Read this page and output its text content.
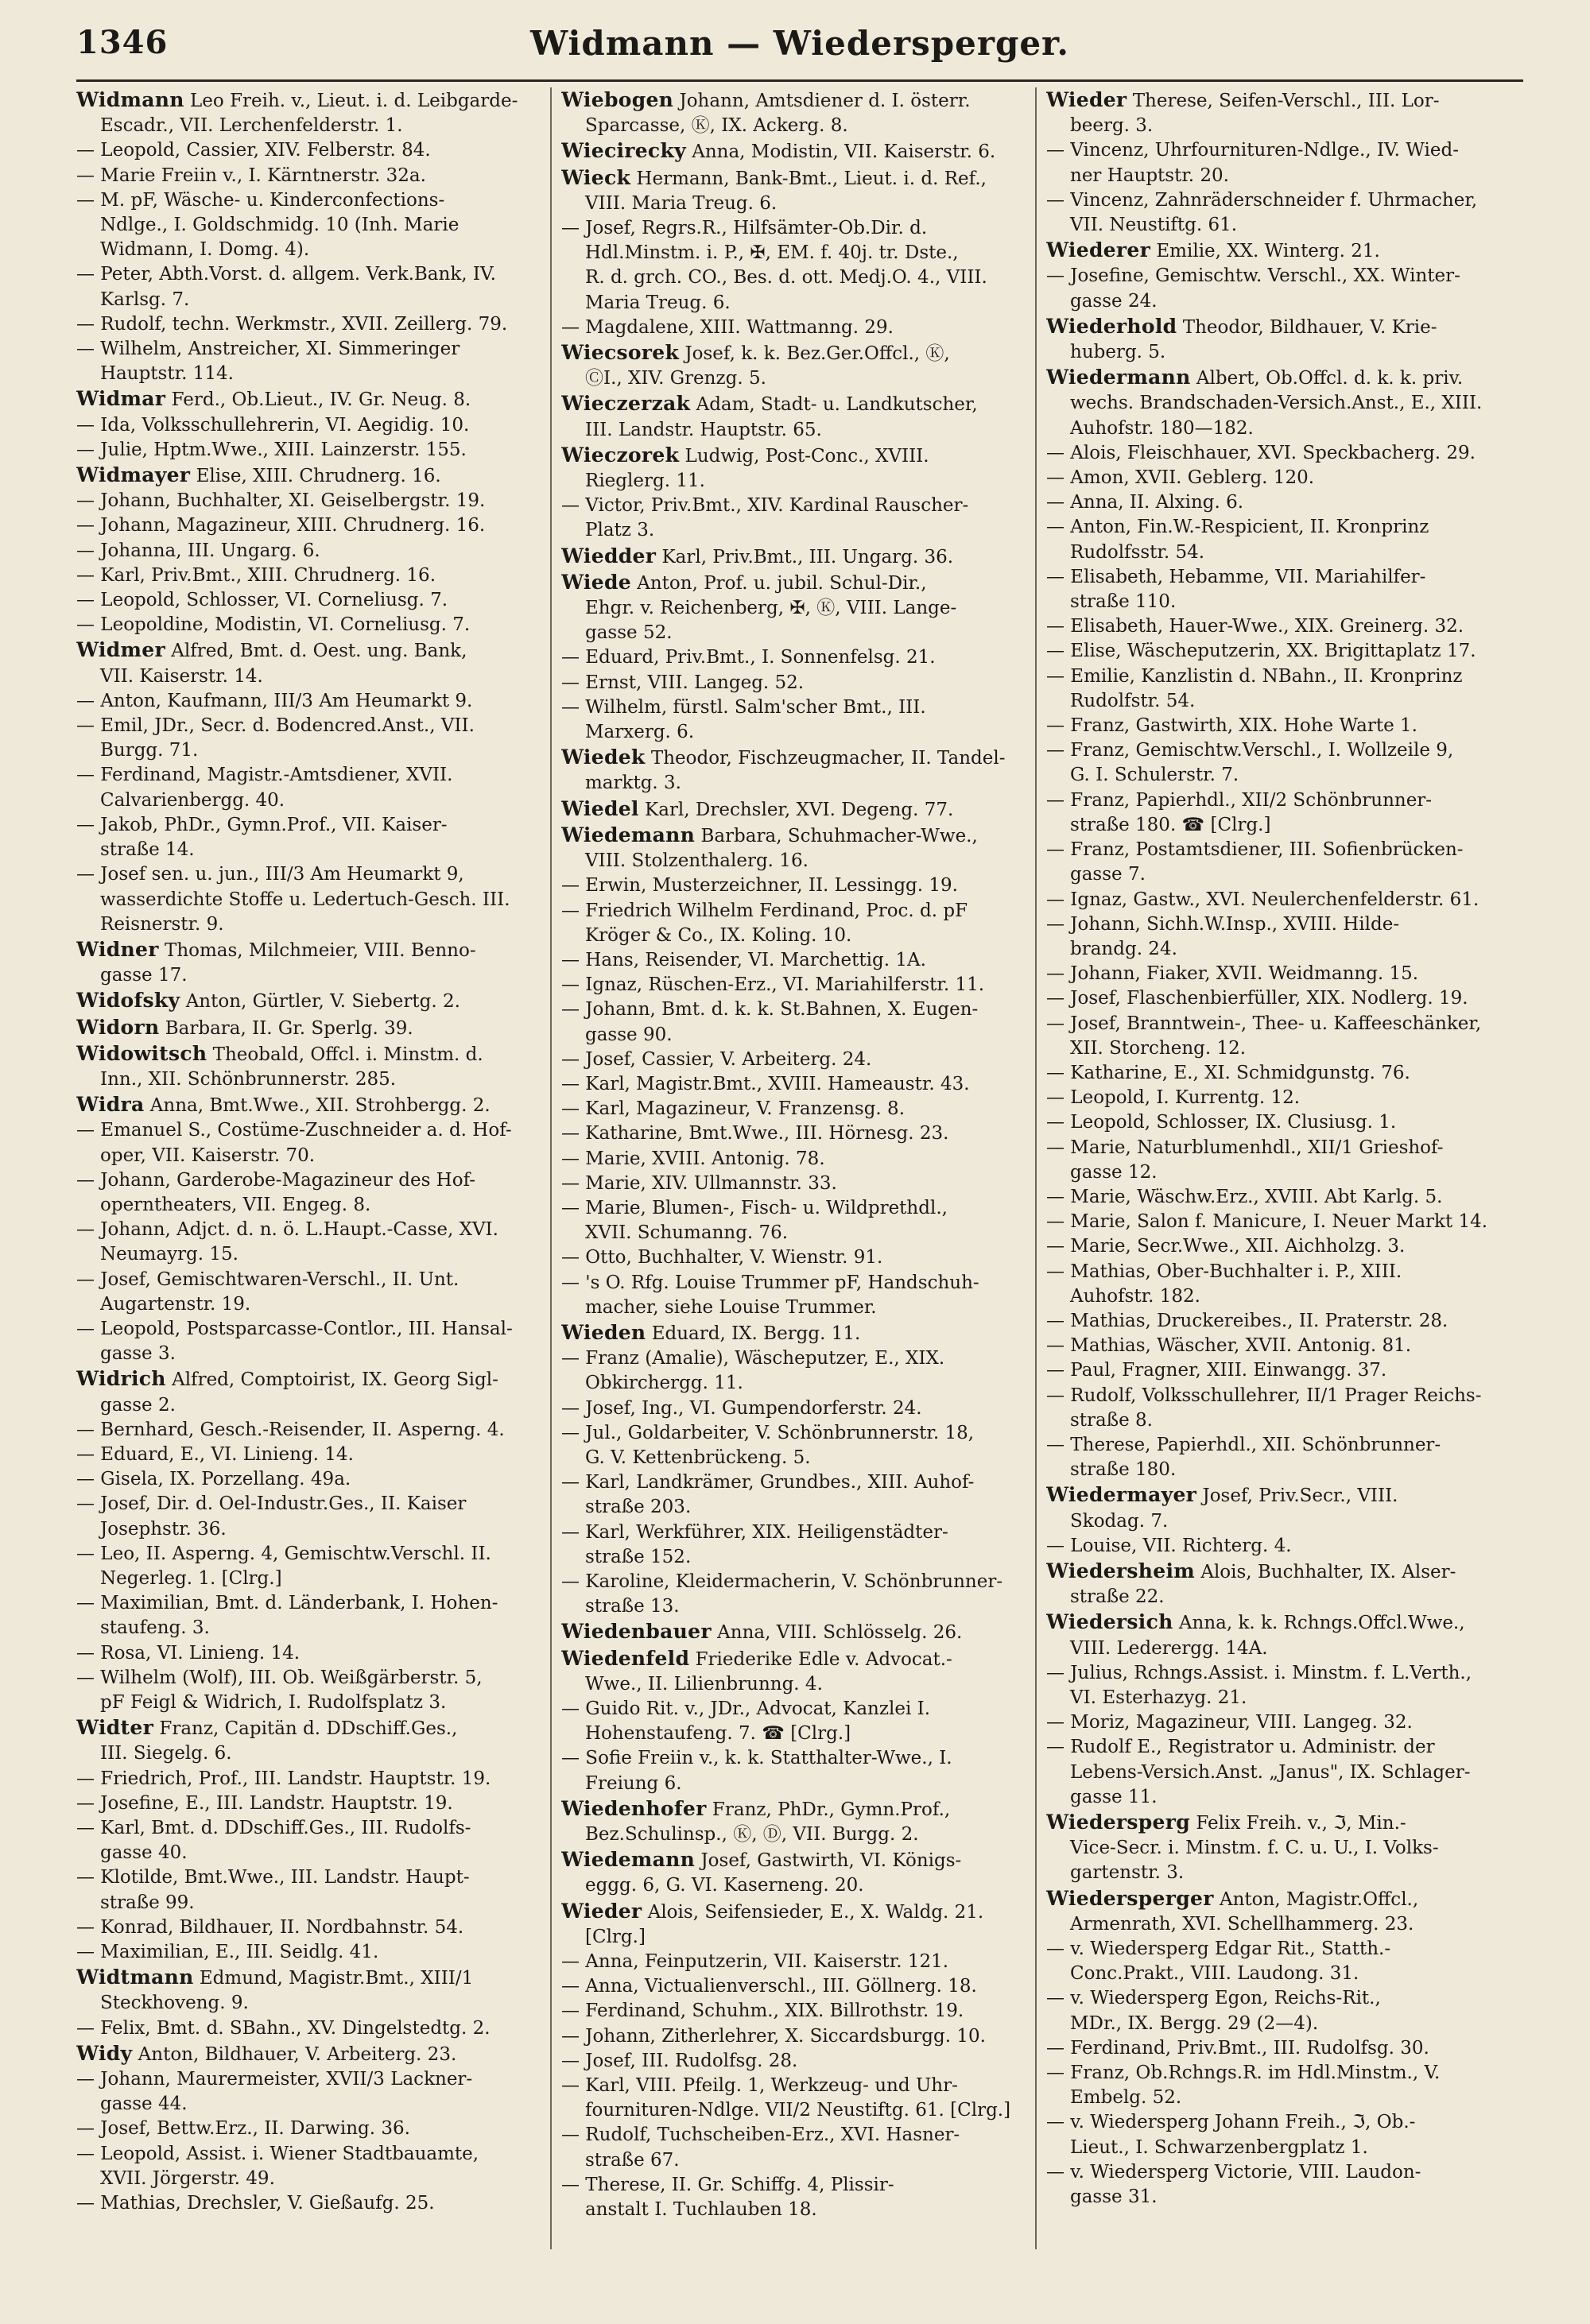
1346	Widmann — Wiedersperger.

Widmann Leo Freih. v., Lieut. i. d. Leibgarde-

Escadr., VII. Lerchenfelderstr. 1.

— Leopold, Cassier, XIV. Felberstr. 84.

— Marie Freiin v., I. Kärntnerstr. 32a.

— M. pF, Wäsche- u. Kinderconfections-

Ndlge., I. Goldschmidg. 10 (Inh. Marie

Widmann, I. Domg. 4).

— Peter, Abth.Vorst. d. allgem. Verk.Bank, IV.

Karlsg. 7.

— Rudolf, techn. Werkmstr., XVII. Zeillerg. 79.

— Wilhelm, Anstreicher, XI. Simmeringer

Hauptstr. 114.

Widmar Ferd., Ob.Lieut., IV. Gr. Neug. 8.

— Ida, Volksschullehrerin, VI. Aegidig. 10.

— Julie, Hptm.Wwe., XIII. Lainzerstr. 155.

Widmayer Elise, XIII. Chrudnerg. 16.

— Johann, Buchhalter, XI. Geiselbergstr. 19.

— Johann, Magazineur, XIII. Chrudnerg. 16.

— Johanna, III. Ungarg. 6.

— Karl, Priv.Bmt., XIII. Chrudnerg. 16.

— Leopold, Schlosser, VI. Corneliusg. 7.

— Leopoldine, Modistin, VI. Corneliusg. 7.

Widmer Alfred, Bmt. d. Oest. ung. Bank,

VII. Kaiserstr. 14.

— Anton, Kaufmann, III/3 Am Heumarkt 9.

— Emil, JDr., Secr. d. Bodencred.Anst., VII.

Burgg. 71.

— Ferdinand, Magistr.-Amtsdiener, XVII.

Calvarienbergg. 40.

— Jakob, PhDr., Gymn.Prof., VII. Kaiser-

straße 14.

— Josef sen. u. jun., III/3 Am Heumarkt 9,

wasserdichte Stoffe u. Ledertuch-Gesch. III.

Reisnerstr. 9.

Widner Thomas, Milchmeier, VIII. Benno-

gasse 17.

Widofsky Anton, Gürtler, V. Siebertg. 2.

Widorn Barbara, II. Gr. Sperlg. 39.

Widowitsch Theobald, Offcl. i. Minstm. d.

Inn., XII. Schönbrunnerstr. 285.

Widra Anna, Bmt.Wwe., XII. Strohbergg. 2.

— Emanuel S., Costüme-Zuschneider a. d. Hof-

oper, VII. Kaiserstr. 70.

— Johann, Garderobe-Magazineur des Hof-

operntheaters, VII. Engeg. 8.

— Johann, Adjct. d. n. ö. L.Haupt.-Casse, XVI.

Neumayrg. 15.

— Josef, Gemischtwaren-Verschl., II. Unt.

Augartenstr. 19.

— Leopold, Postsparcasse-Contlor., III. Hansal-

gasse 3.

Widrich Alfred, Comptoirist, IX. Georg Sigl-

gasse 2.

— Bernhard, Gesch.-Reisender, II. Asperng. 4.

— Eduard, E., VI. Linieng. 14.

— Gisela, IX. Porzellang. 49a.

— Josef, Dir. d. Oel-Industr.Ges., II. Kaiser

Josephstr. 36.

— Leo, II. Asperng. 4, Gemischtw.Verschl. II.

Negerleg. 1. [Clrg.]

— Maximilian, Bmt. d. Länderbank, I. Hohen-

staufeng. 3.

— Rosa, VI. Linieng. 14.

— Wilhelm (Wolf), III. Ob. Weißgärberstr. 5,

pF Feigl & Widrich, I. Rudolfsplatz 3.

Widter Franz, Capitän d. DDschiff.Ges.,

III. Siegelg. 6.

— Friedrich, Prof., III. Landstr. Hauptstr. 19.

— Josefine, E., III. Landstr. Hauptstr. 19.

— Karl, Bmt. d. DDschiff.Ges., III. Rudolfs-

gasse 40.

— Klotilde, Bmt.Wwe., III. Landstr. Haupt-

straße 99.

— Konrad, Bildhauer, II. Nordbahnstr. 54.

— Maximilian, E., III. Seidlg. 41.

Widtmann Edmund, Magistr.Bmt., XIII/1

Steckhoveng. 9.

— Felix, Bmt. d. SBahn., XV. Dingelstedtg. 2.

Widy Anton, Bildhauer, V. Arbeiterg. 23.

— Johann, Maurermeister, XVII/3 Lackner-

gasse 44.

— Josef, Bettw.Erz., II. Darwing. 36.

— Leopold, Assist. i. Wiener Stadtbauamte,

XVII. Jörgerstr. 49.

— Mathias, Drechsler, V. Gießaufg. 25.

Wiebogen Johann, Amtsdiener d. I. österr.

Sparcasse, Ⓚ, IX. Ackerg. 8.

Wiecirecky Anna, Modistin, VII. Kaiserstr. 6.

Wieck Hermann, Bank-Bmt., Lieut. i. d. Ref.,

VIII. Maria Treug. 6.

— Josef, Regrs.R., Hilfsämter-Ob.Dir. d.

Hdl.Minstm. i. P., ✠, EM. f. 40j. tr. Dste.,

R. d. grch. CO., Bes. d. ott. Medj.O. 4., VIII.

Maria Treug. 6.

— Magdalene, XIII. Wattmanng. 29.

Wiecsorek Josef, k. k. Bez.Ger.Offcl., Ⓚ,

ⒸI., XIV. Grenzg. 5.

Wieczerzak Adam, Stadt- u. Landkutscher,

III. Landstr. Hauptstr. 65.

Wieczorek Ludwig, Post-Conc., XVIII.

Rieglerg. 11.

— Victor, Priv.Bmt., XIV. Kardinal Rauscher-

Platz 3.

Wiedder Karl, Priv.Bmt., III. Ungarg. 36.

Wiede Anton, Prof. u. jubil. Schul-Dir.,

Ehgr. v. Reichenberg, ✠, Ⓚ, VIII. Lange-

gasse 52.

— Eduard, Priv.Bmt., I. Sonnenfelsg. 21.

— Ernst, VIII. Langeg. 52.

— Wilhelm, fürstl. Salm'scher Bmt., III.

Marxerg. 6.

Wiedek Theodor, Fischzeugmacher, II. Tandel-

marktg. 3.

Wiedel Karl, Drechsler, XVI. Degeng. 77.

Wiedemann Barbara, Schuhmacher-Wwe.,

VIII. Stolzenthalerg. 16.

— Erwin, Musterzeichner, II. Lessingg. 19.

— Friedrich Wilhelm Ferdinand, Proc. d. pF

Kröger & Co., IX. Koling. 10.

— Hans, Reisender, VI. Marchettig. 1A.

— Ignaz, Rüschen-Erz., VI. Mariahilferstr. 11.

— Johann, Bmt. d. k. k. St.Bahnen, X. Eugen-

gasse 90.

— Josef, Cassier, V. Arbeiterg. 24.

— Karl, Magistr.Bmt., XVIII. Hameaustr. 43.

— Karl, Magazineur, V. Franzensg. 8.

— Katharine, Bmt.Wwe., III. Hörnesg. 23.

— Marie, XVIII. Antonig. 78.

— Marie, XIV. Ullmannstr. 33.

— Marie, Blumen-, Fisch- u. Wildprethdl.,

XVII. Schumanng. 76.

— Otto, Buchhalter, V. Wienstr. 91.

— 's O. Rfg. Louise Trummer pF, Handschuh-

macher, siehe Louise Trummer.

Wieden Eduard, IX. Bergg. 11.

— Franz (Amalie), Wäscheputzer, E., XIX.

Obkirchergg. 11.

— Josef, Ing., VI. Gumpendorferstr. 24.

— Jul., Goldarbeiter, V. Schönbrunnerstr. 18,

G. V. Kettenbrückeng. 5.

— Karl, Landkrämer, Grundbes., XIII. Auhof-

straße 203.

— Karl, Werkführer, XIX. Heiligenstädter-

straße 152.

— Karoline, Kleidermacherin, V. Schönbrunner-

straße 13.

Wiedenbauer Anna, VIII. Schlösselg. 26.

Wiedenfeld Friederike Edle v. Advocat.-

Wwe., II. Lilienbrunng. 4.

— Guido Rit. v., JDr., Advocat, Kanzlei I.

Hohenstaufeng. 7. ☎ [Clrg.]

— Sofie Freiin v., k. k. Statthalter-Wwe., I.

Freiung 6.

Wiedenhofer Franz, PhDr., Gymn.Prof.,

Bez.Schulinsp., Ⓚ, Ⓓ, VII. Burgg. 2.

Wiedemann Josef, Gastwirth, VI. Königs-

eggg. 6, G. VI. Kaserneng. 20.

Wieder Alois, Seifensieder, E., X. Waldg. 21.

[Clrg.]

— Anna, Feinputzerin, VII. Kaiserstr. 121.

— Anna, Victualienverschl., III. Göllnerg. 18.

— Ferdinand, Schuhm., XIX. Billrothstr. 19.

— Johann, Zitherlehrer, X. Siccardsburgg. 10.

— Josef, III. Rudolfsg. 28.

— Karl, VIII. Pfeilg. 1, Werkzeug- und Uhr-

fournituren-Ndlge. VII/2 Neustiftg. 61. [Clrg.]

— Rudolf, Tuchscheiben-Erz., XVI. Hasner-

straße 67.

— Therese, II. Gr. Schiffg. 4, Plissir-

anstalt I. Tuchlauben 18.

Wieder Therese, Seifen-Verschl., III. Lor-

beerg. 3.

— Vincenz, Uhrfournituren-Ndlge., IV. Wied-

ner Hauptstr. 20.

— Vincenz, Zahnräderschneider f. Uhrmacher,

VII. Neustiftg. 61.

Wiederer Emilie, XX. Winterg. 21.

— Josefine, Gemischtw. Verschl., XX. Winter-

gasse 24.

Wiederhold Theodor, Bildhauer, V. Krie-

huberg. 5.

Wiedermann Albert, Ob.Offcl. d. k. k. priv.

wechs. Brandschaden-Versich.Anst., E., XIII.

Auhofstr. 180—182.

— Alois, Fleischhauer, XVI. Speckbacherg. 29.

— Amon, XVII. Geblerg. 120.

— Anna, II. Alxing. 6.

— Anton, Fin.W.-Respicient, II. Kronprinz

Rudolfsstr. 54.

— Elisabeth, Hebamme, VII. Mariahilfer-

straße 110.

— Elisabeth, Hauer-Wwe., XIX. Greinerg. 32.

— Elise, Wäscheputzerin, XX. Brigittaplatz 17.

— Emilie, Kanzlistin d. NBahn., II. Kronprinz

Rudolfstr. 54.

— Franz, Gastwirth, XIX. Hohe Warte 1.

— Franz, Gemischtw.Verschl., I. Wollzeile 9,

G. I. Schulerstr. 7.

— Franz, Papierhdl., XII/2 Schönbrunner-

straße 180. ☎ [Clrg.]

— Franz, Postamtsdiener, III. Sofienbrücken-

gasse 7.

— Ignaz, Gastw., XVI. Neulerchenfelderstr. 61.

— Johann, Sichh.W.Insp., XVIII. Hilde-

brandg. 24.

— Johann, Fiaker, XVII. Weidmanng. 15.

— Josef, Flaschenbierfüller, XIX. Nodlerg. 19.

— Josef, Branntwein-, Thee- u. Kaffeeschänker,

XII. Storcheng. 12.

— Katharine, E., XI. Schmidgunstg. 76.

— Leopold, I. Kurrentg. 12.

— Leopold, Schlosser, IX. Clusiusg. 1.

— Marie, Naturblumenhdl., XII/1 Grieshof-

gasse 12.

— Marie, Wäschw.Erz., XVIII. Abt Karlg. 5.

— Marie, Salon f. Manicure, I. Neuer Markt 14.

— Marie, Secr.Wwe., XII. Aichholzg. 3.

— Mathias, Ober-Buchhalter i. P., XIII.

Auhofstr. 182.

— Mathias, Druckereibes., II. Praterstr. 28.

— Mathias, Wäscher, XVII. Antonig. 81.

— Paul, Fragner, XIII. Einwangg. 37.

— Rudolf, Volksschullehrer, II/1 Prager Reichs-

straße 8.

— Therese, Papierhdl., XII. Schönbrunner-

straße 180.

Wiedermayer Josef, Priv.Secr., VIII.

Skodag. 7.

— Louise, VII. Richterg. 4.

Wiedersheim Alois, Buchhalter, IX. Alser-

straße 22.

Wiedersich Anna, k. k. Rchngs.Offcl.Wwe.,

VIII. Lederergg. 14A.

— Julius, Rchngs.Assist. i. Minstm. f. L.Verth.,

VI. Esterhazyg. 21.

— Moriz, Magazineur, VIII. Langeg. 32.

— Rudolf E., Registrator u. Administr. der

Lebens-Versich.Anst. „Janus", IX. Schlager-

gasse 11.

Wiedersperg Felix Freih. v., ℑ, Min.-

Vice-Secr. i. Minstm. f. C. u. U., I. Volks-

gartenstr. 3.

Wiedersperger Anton, Magistr.Offcl.,

Armenrath, XVI. Schellhammerg. 23.

— v. Wiedersperg Edgar Rit., Statth.-

Conc.Prakt., VIII. Laudong. 31.

— v. Wiedersperg Egon, Reichs-Rit.,

MDr., IX. Bergg. 29 (2—4).

— Ferdinand, Priv.Bmt., III. Rudolfsg. 30.

— Franz, Ob.Rchngs.R. im Hdl.Minstm., V.

Embelg. 52.

— v. Wiedersperg Johann Freih., ℑ, Ob.-

Lieut., I. Schwarzenbergplatz 1.

— v. Wiedersperg Victorie, VIII. Laudon-

gasse 31.
